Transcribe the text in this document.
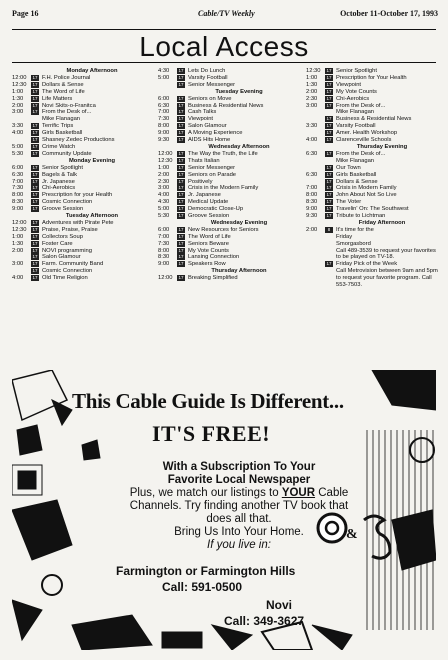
Page 16	Cable/TV Weekly	October 11-October 17, 1993
Local Access
Monday Afternoon
12:00	17 F.H. Police Journal
12:30	17 Dollars & Sense
1:00	17 The Word of Life
1:30	17 Life Matters
2:00	17 Novi Skits-o-Franitca
3:00	17 From the Desk of...
Mike Flanagan
3:30	17 Terrific Trips
4:00	17 Girls Basketball
17 Shasney Zedec Productions
5:00	17 Crime Watch
5:30	17 Community Update
Monday Evening
6:00	17 Senior Spotlight
6:30	17 Bagels & Talk
7:00	17 Jr. Japanese
7:30	17 Chi-Aerobics
8:00	17 Prescription for your Health
8:30	17 Cosmic Connection
9:00	17 Groove Session
Tuesday Afternoon
12:00	17 Adventures with Pirate Pete
12:30	17 Praise, Praise, Praise
1:00	17 Collectors Soup
1:30	17 Foster Care
2:00	17 NOVI programming
17 Salon Glamour
3:00	17 Farm. Community Band
17 Cosmic Connection
4:00	17 Old Time Religion
4:30	17 Lets Do Lunch
5:00	17 Varsity Football
17 Senior Messenger
Tuesday Evening
6:00	17 Seniors on Move
6:30	17 Business & Residential News
7:00	17 Cash Talks
7:30	17 Viewpoint
8:00	17 Salon Glamour
9:00	17 A Moving Experience
9:30	17 AIDS Hits Home
Wednesday Afternoon
12:00	17 The Way the Truth, the Life
12:30	17 Thats Italian
1:00	17 Senior Messenger
2:00	17 Seniors on Parade
2:30	17 Positively
3:00	17 Crisis in the Modern Family
4:00	17 Jr. Japanese
4:30	17 Medical Update
5:00	17 Democratic Close-Up
5:30	17 Groove Session
Wednesday Evening
6:00	17 New Resources for Seniors
7:00	17 The Word of Life
7:30	17 Seniors Beware
8:00	17 My Vote Counts
8:30	17 Lansing Connection
9:00	17 Speakers Row
Thursday Afternoon
12:00	17 Breaking Simplified
12:30	17 Senior Spotlight
1:00	17 Prescription for Your Health
1:30	17 Viewpoint
2:00	17 My Vote Counts
2:30	17 Chi-Aerobics
3:00	17 From the Desk of...
Mike Flanagan
17 Business & Residential News
3:30	17 Varsity Football
17 Amer. Health Workshop
4:00	17 Clarenceville Schools
Thursday Evening
6:30	17 From the Desk of...
Mike Flanagan
17 Our Town
6:30	17 Girls Basketball
17 Dollars & Sense
7:00	17 Crisis in Modern Family
8:00	17 John About Not So Live
8:30	17 The Voter
9:00	17 Travelin' On: The Southwest
9:30	17 Tribute to Lichtman
Friday Afternoon
2:00	8 It's time for the
Friday
Smorgasbord
Call 489-3539 to request your favorites to be played on TV-18.
17 Friday Pick of the Week
Call Metrovision between 9am and 5pm to request your favorite program. Call 553-7503.
&
This Cable Guide Is Different...
IT'S FREE!
With a Subscription To Your
Favorite Local Newspaper
Plus, we match our listings to YOUR Cable
Channels. Try finding another TV book that
does all that.
Bring Us Into Your Home.
If you live in:
Farmington or Farmington Hills
Call: 591-0500
Novi
Call: 349-3627
